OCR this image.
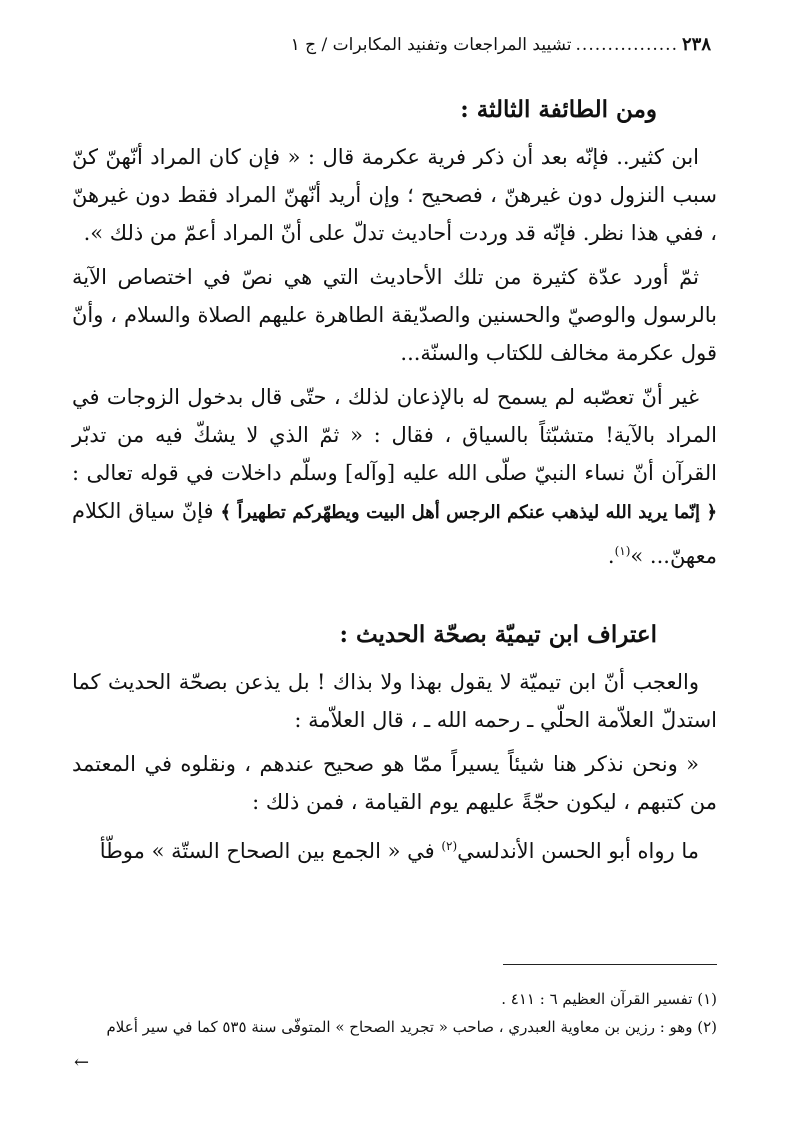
٢٣٨
................
تشييد المراجعات وتفنيد المكابرات / ج ١
ومن الطائفة الثالثة :

ابن كثير.. فإنّه بعد أن ذكر فرية عكرمة قال : « فإن كان المراد أنّهنّ كنّ سبب النزول دون غيرهنّ ، فصحيح ؛ وإن أريد أنّهنّ المراد فقط دون غيرهنّ ، ففي هذا نظر. فإنّه قد وردت أحاديث تدلّ على أنّ المراد أعمّ من ذلك ».

ثمّ أورد عدّة كثيرة من تلك الأحاديث التي هي نصّ في اختصاص الآية بالرسول والوصيّ والحسنين والصدّيقة الطاهرة عليهم الصلاة والسلام ، وأنّ قول عكرمة مخالف للكتاب والسنّة...

غير أنّ تعصّبه لم يسمح له بالإذعان لذلك ، حتّى قال بدخول الزوجات في المراد بالآية! متشبّثاً بالسياق ، فقال : « ثمّ الذي لا يشكّ فيه من تدبّر القرآن أنّ نساء النبيّ صلّى الله عليه [وآله] وسلّم داخلات في قوله تعالى : ﴿ إنّما يريد الله ليذهب عنكم الرجس أهل البيت ويطهّركم تطهيراً ﴾ فإنّ سياق الكلام معهنّ... »$^{(١)}$.

اعتراف ابن تيميّة بصحّة الحديث :

والعجب أنّ ابن تيميّة لا يقول بهذا ولا بذاك ! بل يذعن بصحّة الحديث كما استدلّ العلاّمة الحلّي ـ رحمه الله ـ ، قال العلاّمة :

« ونحن نذكر هنا شيئاً يسيراً ممّا هو صحيح عندهم ، ونقلوه في المعتمد من كتبهم ، ليكون حجّةً عليهم يوم القيامة ، فمن ذلك :

ما رواه أبو الحسن الأندلسي$^{(٢)}$ في « الجمع بين الصحاح الستّة » موطّأ

(١) تفسير القرآن العظيم ٦ : ٤١١ .
(٢) وهو : رزين بن معاوية العبدري ، صاحب « تجريد الصحاح » المتوفّى سنة ٥٣٥ كما في سير أعلام
←
